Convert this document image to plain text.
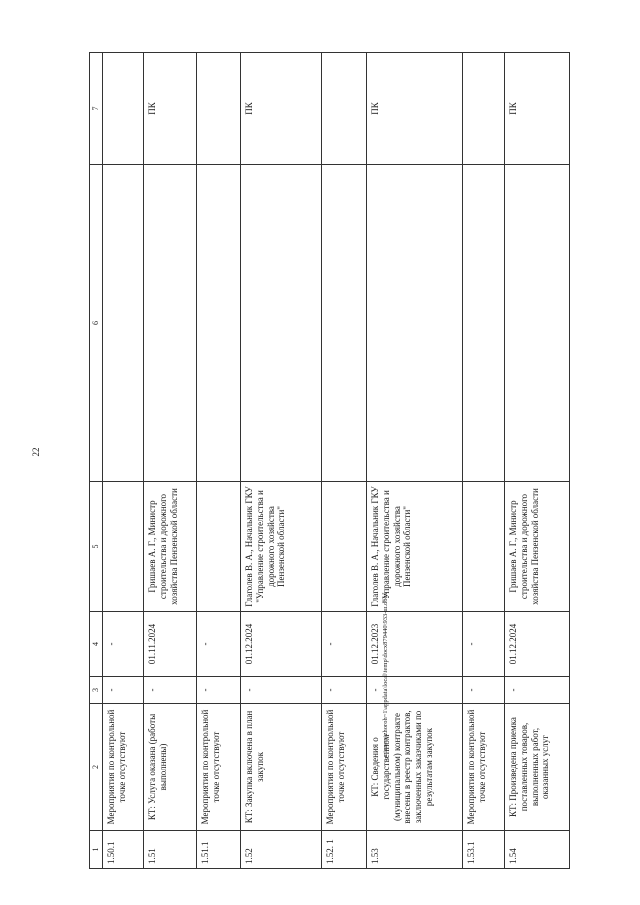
22
1	2	3	4	5	6	7
1.50.1	Мероприятия по контрольной точке отсутствуют	-	-			
1.51	КТ: Услуга оказана (работы выполнены)	-	01.11.2024	Гришаев А. Г., Министр строительства и дорожного хозяйства Пензенской области		ПК
1.51.1	Мероприятия по контрольной точке отсутствуют	-	-			
1.52	КТ: Закупка включена в план закупок	-	01.12.2024	Глаголев В. А., Начальник ГКУ "Управление строительства и дорожного хозяйства Пензенской области"		ПК
1.52. 1	Мероприятия по контрольной точке отсутствуют	-	-			
1.53	КТ: Сведения о государственном (муниципальном) контракте внесены в реестр контрактов, заключенных заказчиками по результатам закупок	-	01.12.2023	Глаголев В. А., Начальник ГКУ "Управление строительства и дорожного хозяйства Пензенской области"		ПК
1.53.1	Мероприятия по контрольной точке отсутствуют	-	-			
1.54	КТ: Произведена приемка поставленных товаров, выполненных работ, оказанных услуг	-	01.12.2024	Гришаев А. Г., Министр строительства и дорожного хозяйства Пензенской области		ПК
c:\users\zhoroh~1\appdata\local\temp\docx879440\933-ш.docx
